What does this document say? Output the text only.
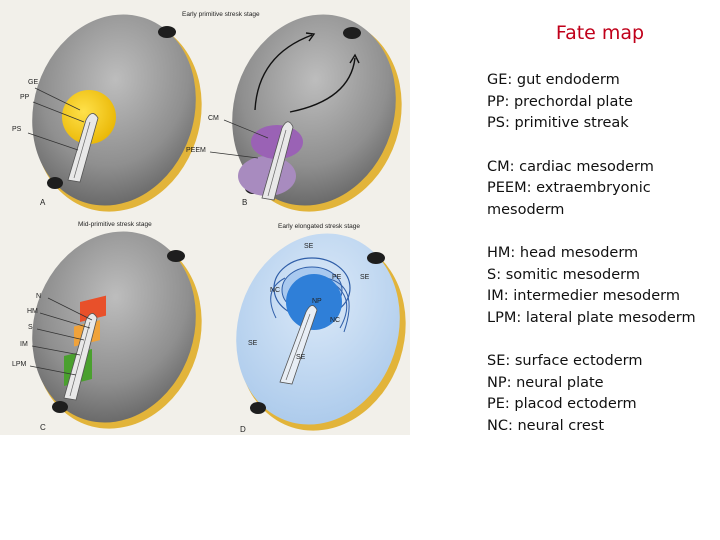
GE
PP
PS
A
Early primitive stresk stage
CM
PEEM
B
Mid-primitive stresk stage
N
HM
S
IM
LPM
C
Early elongated stresk stage
SE
PE	SE
NC
NP
NC
SE
SE
D
Fate map
GE: gut endoderm
PP: prechordal plate
PS: primitive streak
CM: cardiac mesoderm
PEEM: extraembryonic
mesoderm
HM: head mesoderm
S: somitic mesoderm
IM: intermedier mesoderm
LPM: lateral plate mesoderm
SE: surface ectoderm
NP: neural plate
PE: placod ectoderm
NC: neural crest
